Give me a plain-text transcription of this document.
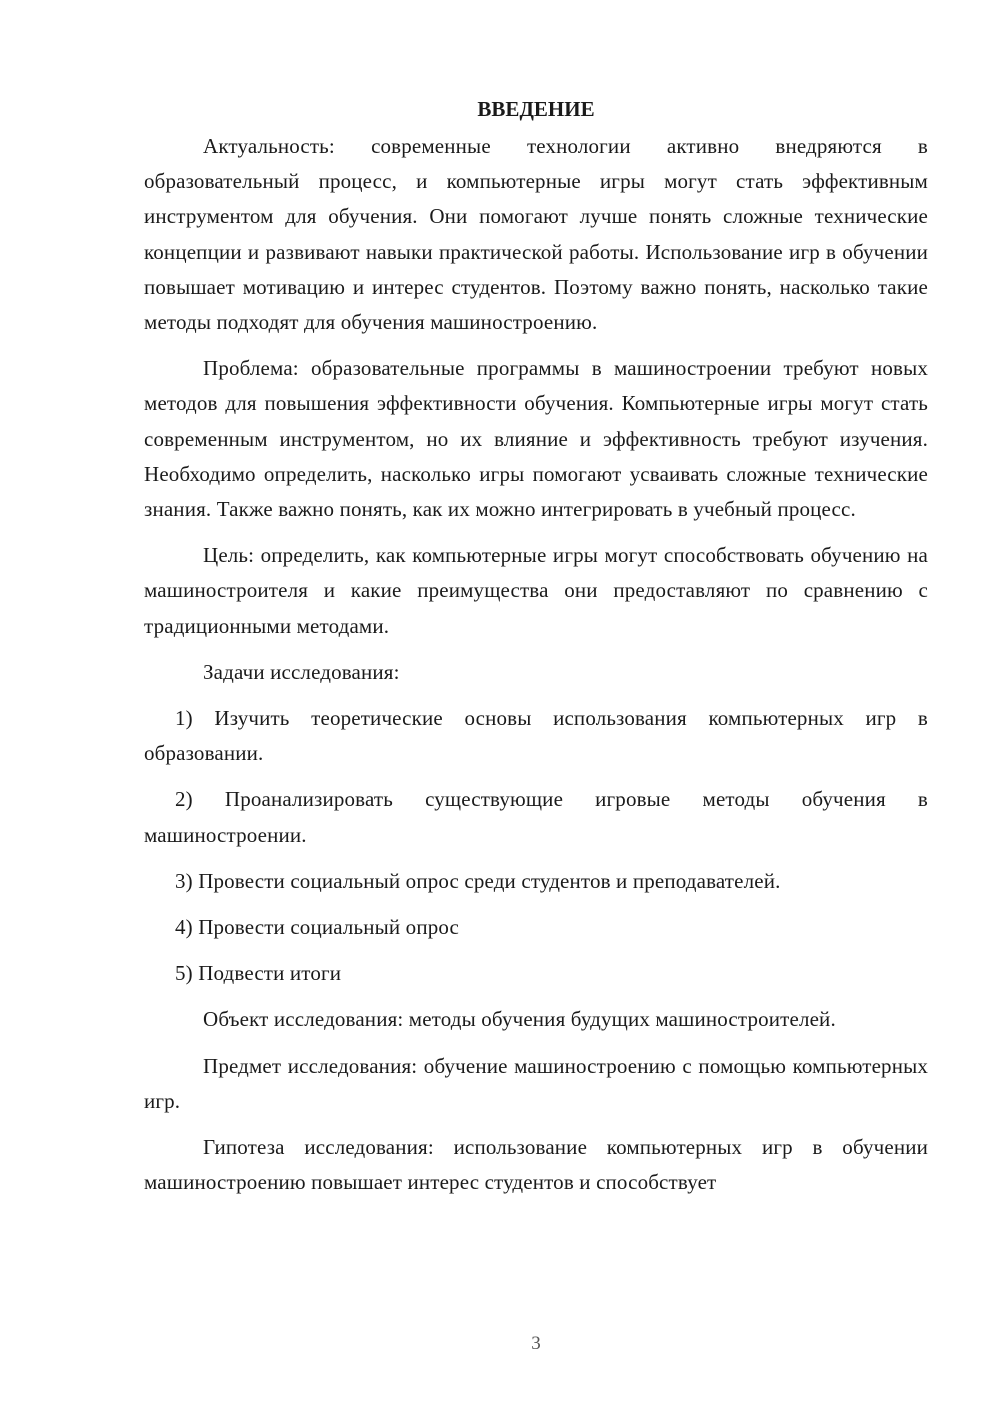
ВВЕДЕНИЕ

Актуальность: современные технологии активно внедряются в образовательный процесс, и компьютерные игры могут стать эффективным инструментом для обучения. Они помогают лучше понять сложные технические концепции и развивают навыки практической работы. Использование игр в обучении повышает мотивацию и интерес студентов. Поэтому важно понять, насколько такие методы подходят для обучения машиностроению.

Проблема: образовательные программы в машиностроении требуют новых методов для повышения эффективности обучения. Компьютерные игры могут стать современным инструментом, но их влияние и эффективность требуют изучения. Необходимо определить, насколько игры помогают усваивать сложные технические знания. Также важно понять, как их можно интегрировать в учебный процесс.

Цель: определить, как компьютерные игры могут способствовать обучению на машиностроителя и какие преимущества они предоставляют по сравнению с традиционными методами.

Задачи исследования:

1) Изучить теоретические основы использования компьютерных игр в образовании.

2) Проанализировать существующие игровые методы обучения в машиностроении.

3) Провести социальный опрос среди студентов и преподавателей.

4) Провести социальный опрос

5) Подвести итоги

Объект исследования: методы обучения будущих машиностроителей.

Предмет исследования: обучение машиностроению с помощью компьютерных игр.

Гипотеза исследования: использование компьютерных игр в обучении машиностроению повышает интерес студентов и способствует

3
